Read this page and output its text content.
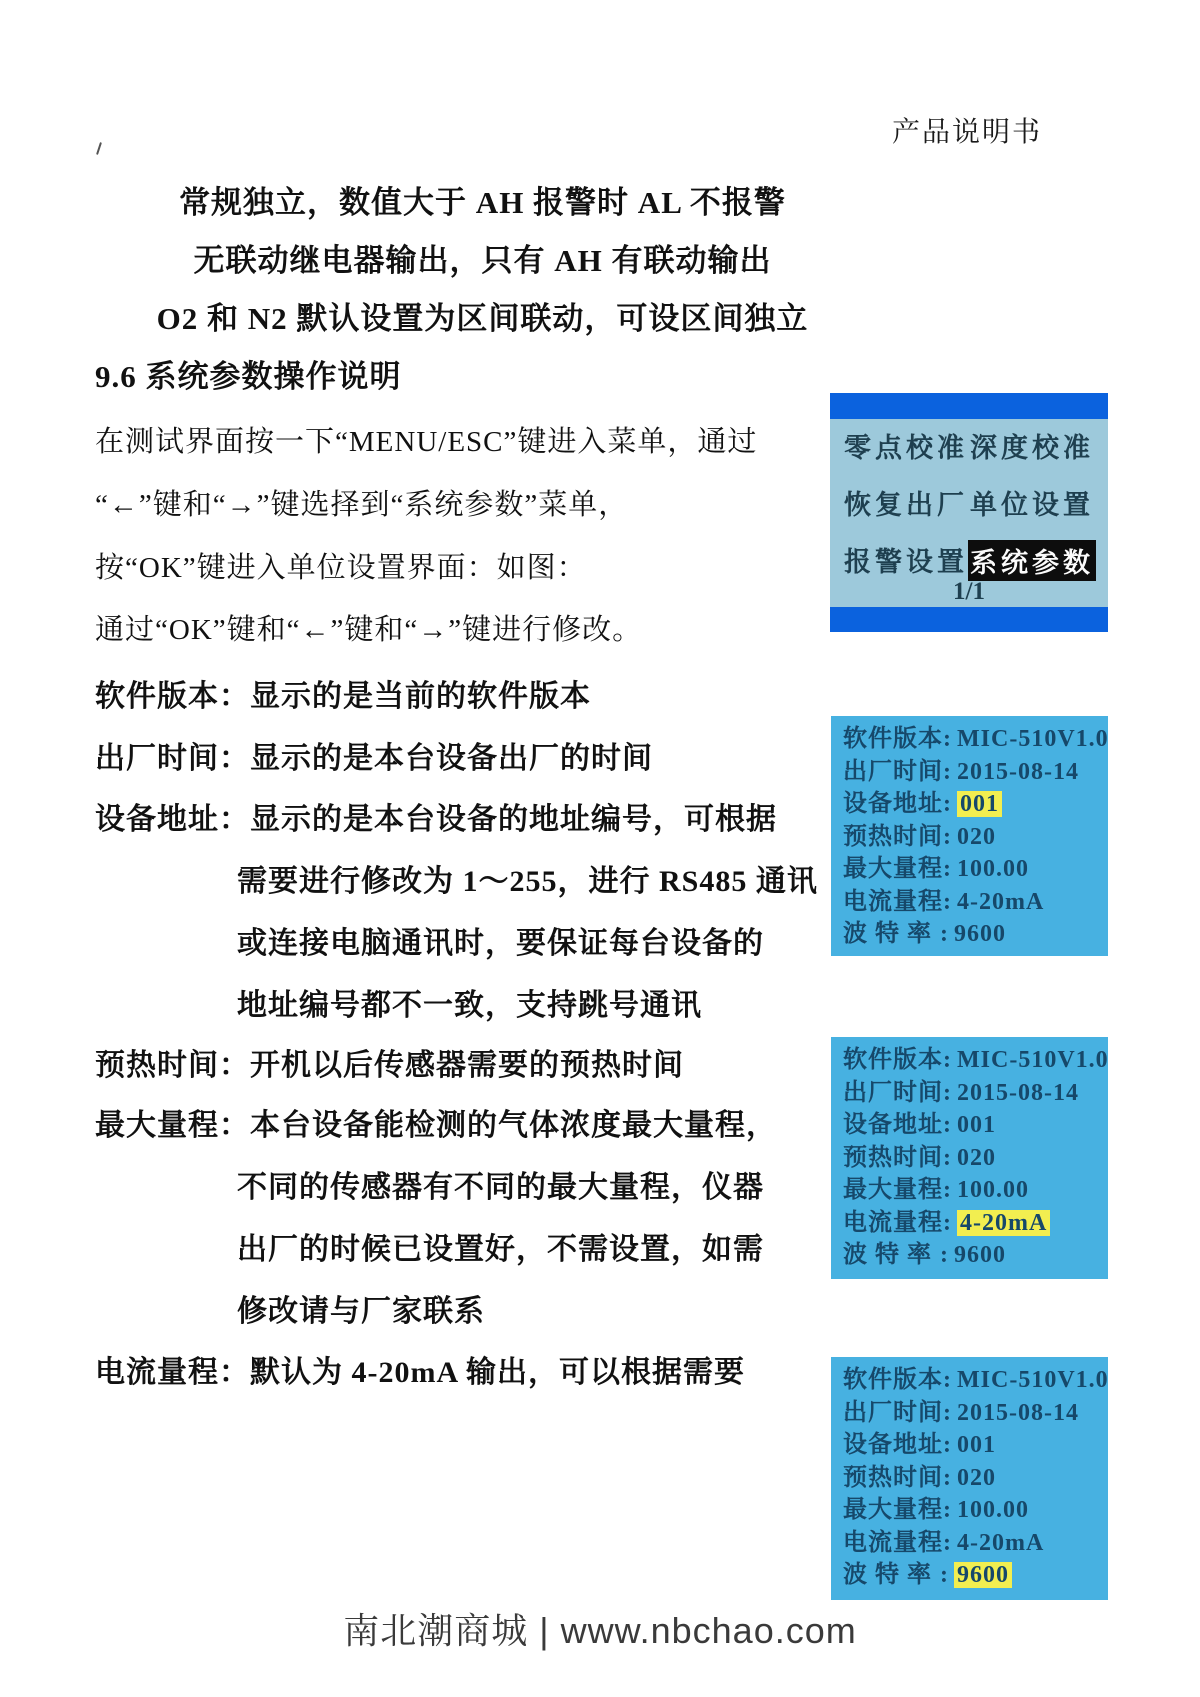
产品说明书
常规独立，数值大于 AH 报警时 AL 不报警
无联动继电器输出，只有 AH 有联动输出
O2 和 N2 默认设置为区间联动，可设区间独立
9.6 系统参数操作说明
在测试界面按一下“MENU/ESC”键进入菜单，通过
“←”键和“→”键选择到“系统参数”菜单，
按“OK”键进入单位设置界面：如图：
通过“OK”键和“←”键和“→”键进行修改。
软件版本：显示的是当前的软件版本
出厂时间：显示的是本台设备出厂的时间
设备地址：显示的是本台设备的地址编号，可根据
需要进行修改为 1～255，进行 RS485 通讯
或连接电脑通讯时，要保证每台设备的
地址编号都不一致，支持跳号通讯
预热时间：开机以后传感器需要的预热时间
最大量程：本台设备能检测的气体浓度最大量程，
不同的传感器有不同的最大量程，仪器
出厂的时候已设置好，不需设置，如需
修改请与厂家联系
电流量程：默认为 4-20mA 输出，可以根据需要
零点校准 深度校准
恢复出厂 单位设置
报警设置 系统参数
1/1
软件版本: MIC-510V1.0
出厂时间: 2015-08-14
设备地址: 001
预热时间: 020
最大量程: 100.00
电流量程: 4-20mA
波 特 率 : 9600
软件版本: MIC-510V1.0
出厂时间: 2015-08-14
设备地址: 001
预热时间: 020
最大量程: 100.00
电流量程: 4-20mA
波 特 率 : 9600
软件版本: MIC-510V1.0
出厂时间: 2015-08-14
设备地址: 001
预热时间: 020
最大量程: 100.00
电流量程: 4-20mA
波 特 率 : 9600
南北潮商城 | www.nbchao.com
